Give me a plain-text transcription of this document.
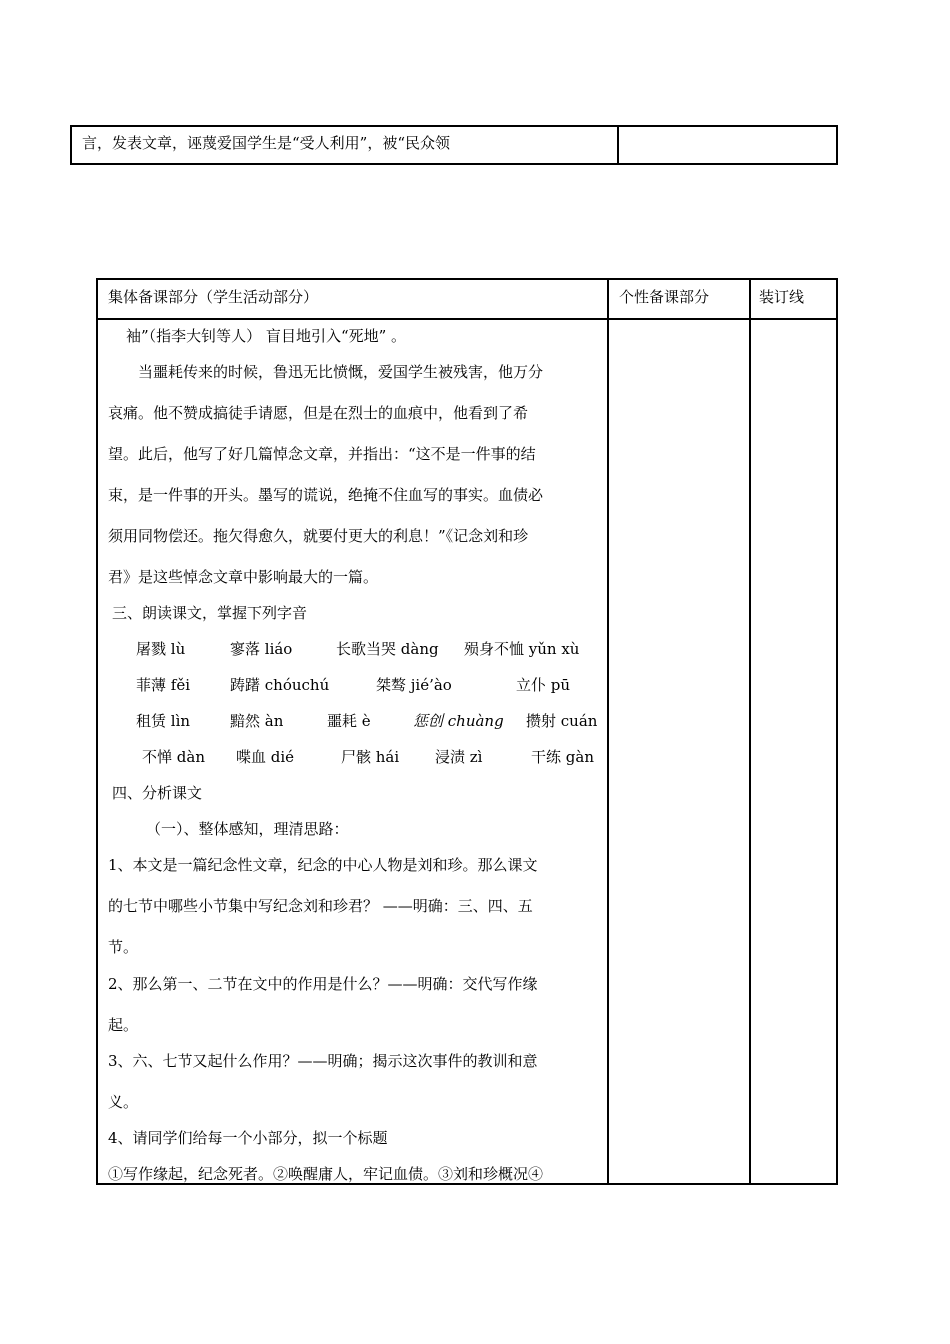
言，发表文章，诬蔑爱国学生是“受人利用”，被“民众领
集体备课部分（学生活动部分）	个性备课部分	装订线
袖”（指李大钊等人） 盲目地引入“死地” 。
当噩耗传来的时候，鲁迅无比愤慨，爱国学生被残害，他万分
哀痛。他不赞成搞徒手请愿，但是在烈士的血痕中，他看到了希
望。此后，他写了好几篇悼念文章，并指出：“这不是一件事的结
束，是一件事的开头。墨写的谎说，绝掩不住血写的事实。血债必
须用同物偿还。拖欠得愈久，就要付更大的利息！”《记念刘和珍
君》是这些悼念文章中影响最大的一篇。
三、朗读课文，掌握下列字音
屠戮 lù	寥落 liáo	长歌当哭 dàng 殒身不恤 yǔn xù
菲薄 fěi	踌躇 chóuchú	桀骜 jié’ào	立仆 pū
租赁 lìn	黯然 àn	噩耗 è	惩创 chuàng 攒射 cuán
不惮 dàn 喋血 dié	尸骸 hái 浸渍 zì	干练 gàn
四、分析课文
（一）、整体感知，理清思路：
1、本文是一篇纪念性文章，纪念的中心人物是刘和珍。那么课文
的七节中哪些小节集中写纪念刘和珍君？ ——明确：三、四、五
节。
2、那么第一、二节在文中的作用是什么？——明确：交代写作缘
起。
3、六、七节又起什么作用？——明确；揭示这次事件的教训和意
义。
4、请同学们给每一个小部分，拟一个标题
①写作缘起，纪念死者。②唤醒庸人，牢记血债。③刘和珍概况④
